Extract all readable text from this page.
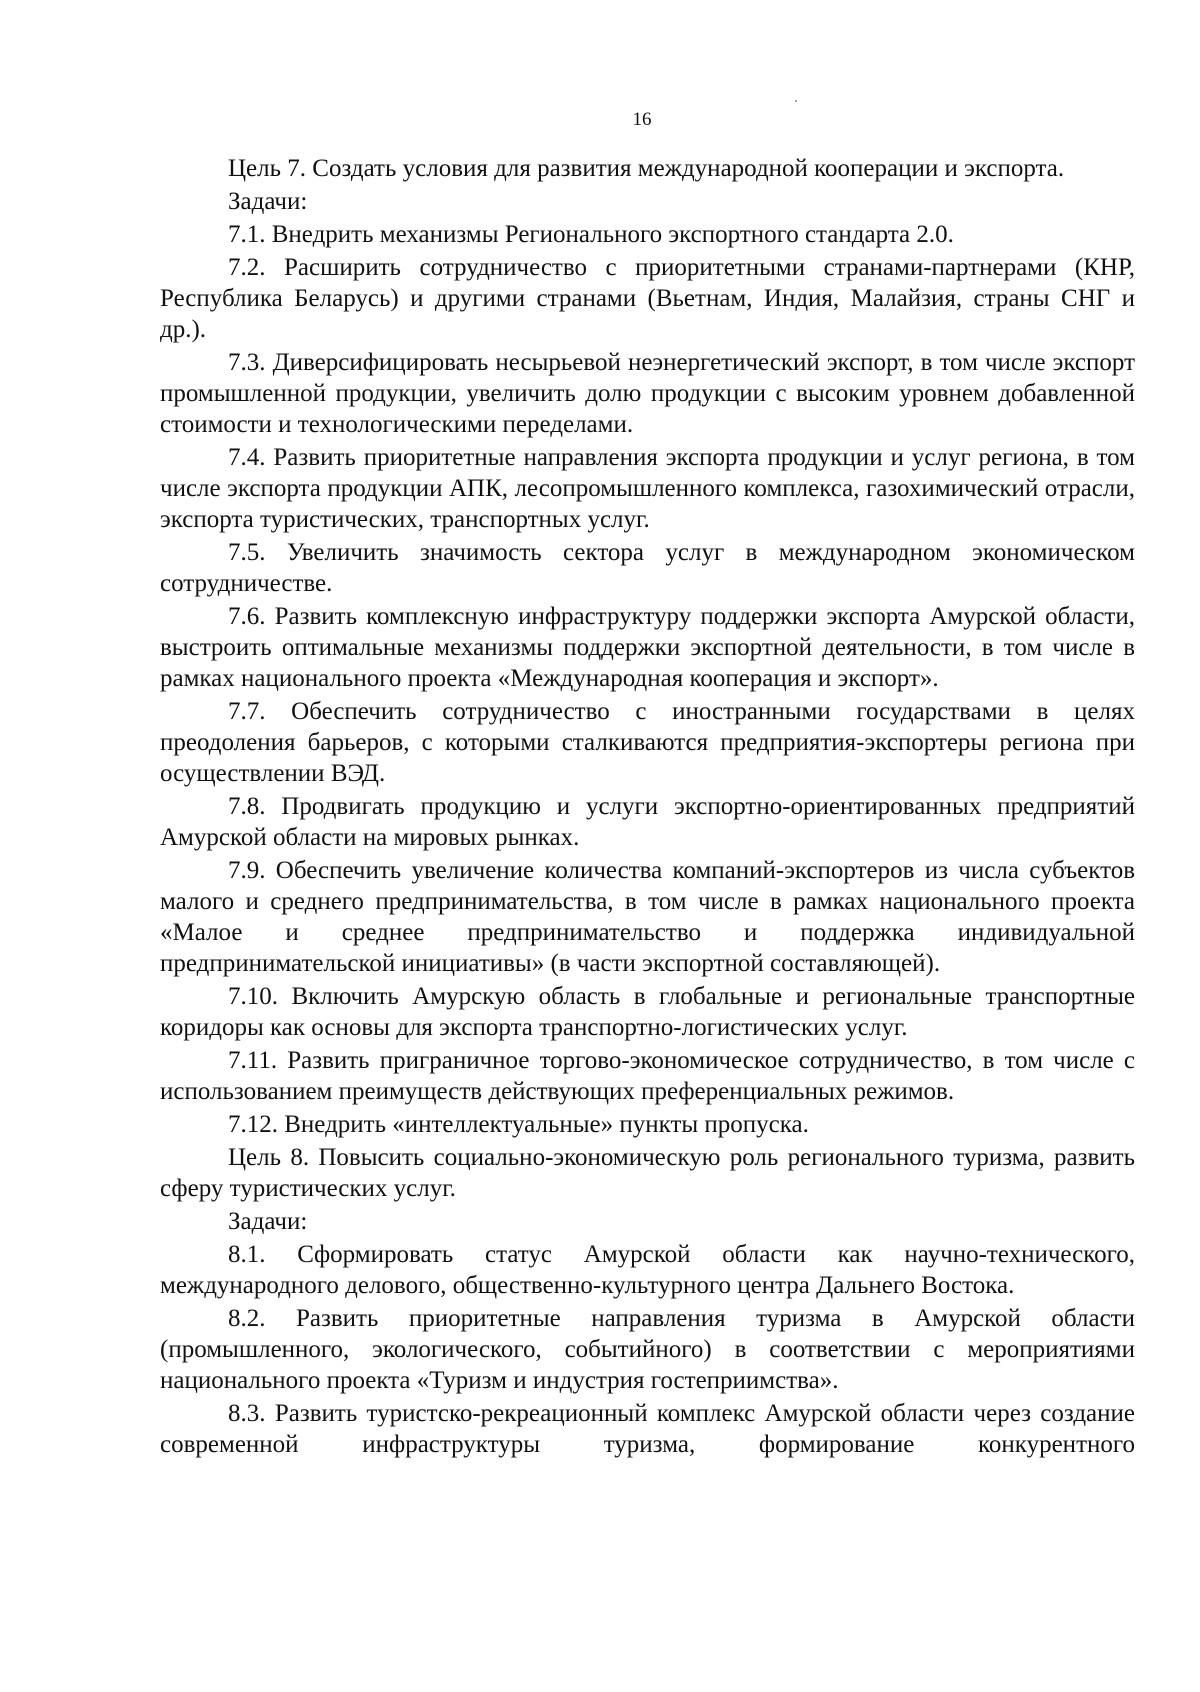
16

Цель 7. Создать условия для развития международной кооперации и экспорта.

Задачи:

7.1. Внедрить механизмы Регионального экспортного стандарта 2.0.

7.2. Расширить сотрудничество с приоритетными странами-партнерами (КНР, Республика Беларусь) и другими странами (Вьетнам, Индия, Малайзия, страны СНГ и др.).

7.3. Диверсифицировать несырьевой неэнергетический экспорт, в том числе экспорт промышленной продукции, увеличить долю продукции с высоким уровнем добавленной стоимости и технологическими переделами.

7.4. Развить приоритетные направления экспорта продукции и услуг региона, в том числе экспорта продукции АПК, лесопромышленного комплекса, газохимический отрасли, экспорта туристических, транспортных услуг.

7.5. Увеличить значимость сектора услуг в международном экономическом сотрудничестве.

7.6. Развить комплексную инфраструктуру поддержки экспорта Амурской области, выстроить оптимальные механизмы поддержки экспортной деятельности, в том числе в рамках национального проекта «Международная кооперация и экспорт».

7.7. Обеспечить сотрудничество с иностранными государствами в целях преодоления барьеров, с которыми сталкиваются предприятия-экспортеры региона при осуществлении ВЭД.

7.8. Продвигать продукцию и услуги экспортно-ориентированных предприятий Амурской области на мировых рынках.

7.9. Обеспечить увеличение количества компаний-экспортеров из числа субъектов малого и среднего предпринимательства, в том числе в рамках национального проекта «Малое и среднее предпринимательство и поддержка индивидуальной предпринимательской инициативы» (в части экспортной составляющей).

7.10. Включить Амурскую область в глобальные и региональные транспортные коридоры как основы для экспорта транспортно-логистических услуг.

7.11. Развить приграничное торгово-экономическое сотрудничество, в том числе с использованием преимуществ действующих преференциальных режимов.

7.12. Внедрить «интеллектуальные» пункты пропуска.

Цель 8. Повысить социально-экономическую роль регионального туризма, развить сферу туристических услуг.

Задачи:

8.1. Сформировать статус Амурской области как научно-технического, международного делового, общественно-культурного центра Дальнего Востока.

8.2. Развить приоритетные направления туризма в Амурской области (промышленного, экологического, событийного) в соответствии с мероприятиями национального проекта «Туризм и индустрия гостеприимства».

8.3. Развить туристско-рекреационный комплекс Амурской области через создание современной инфраструктуры туризма, формирование конкурентного
